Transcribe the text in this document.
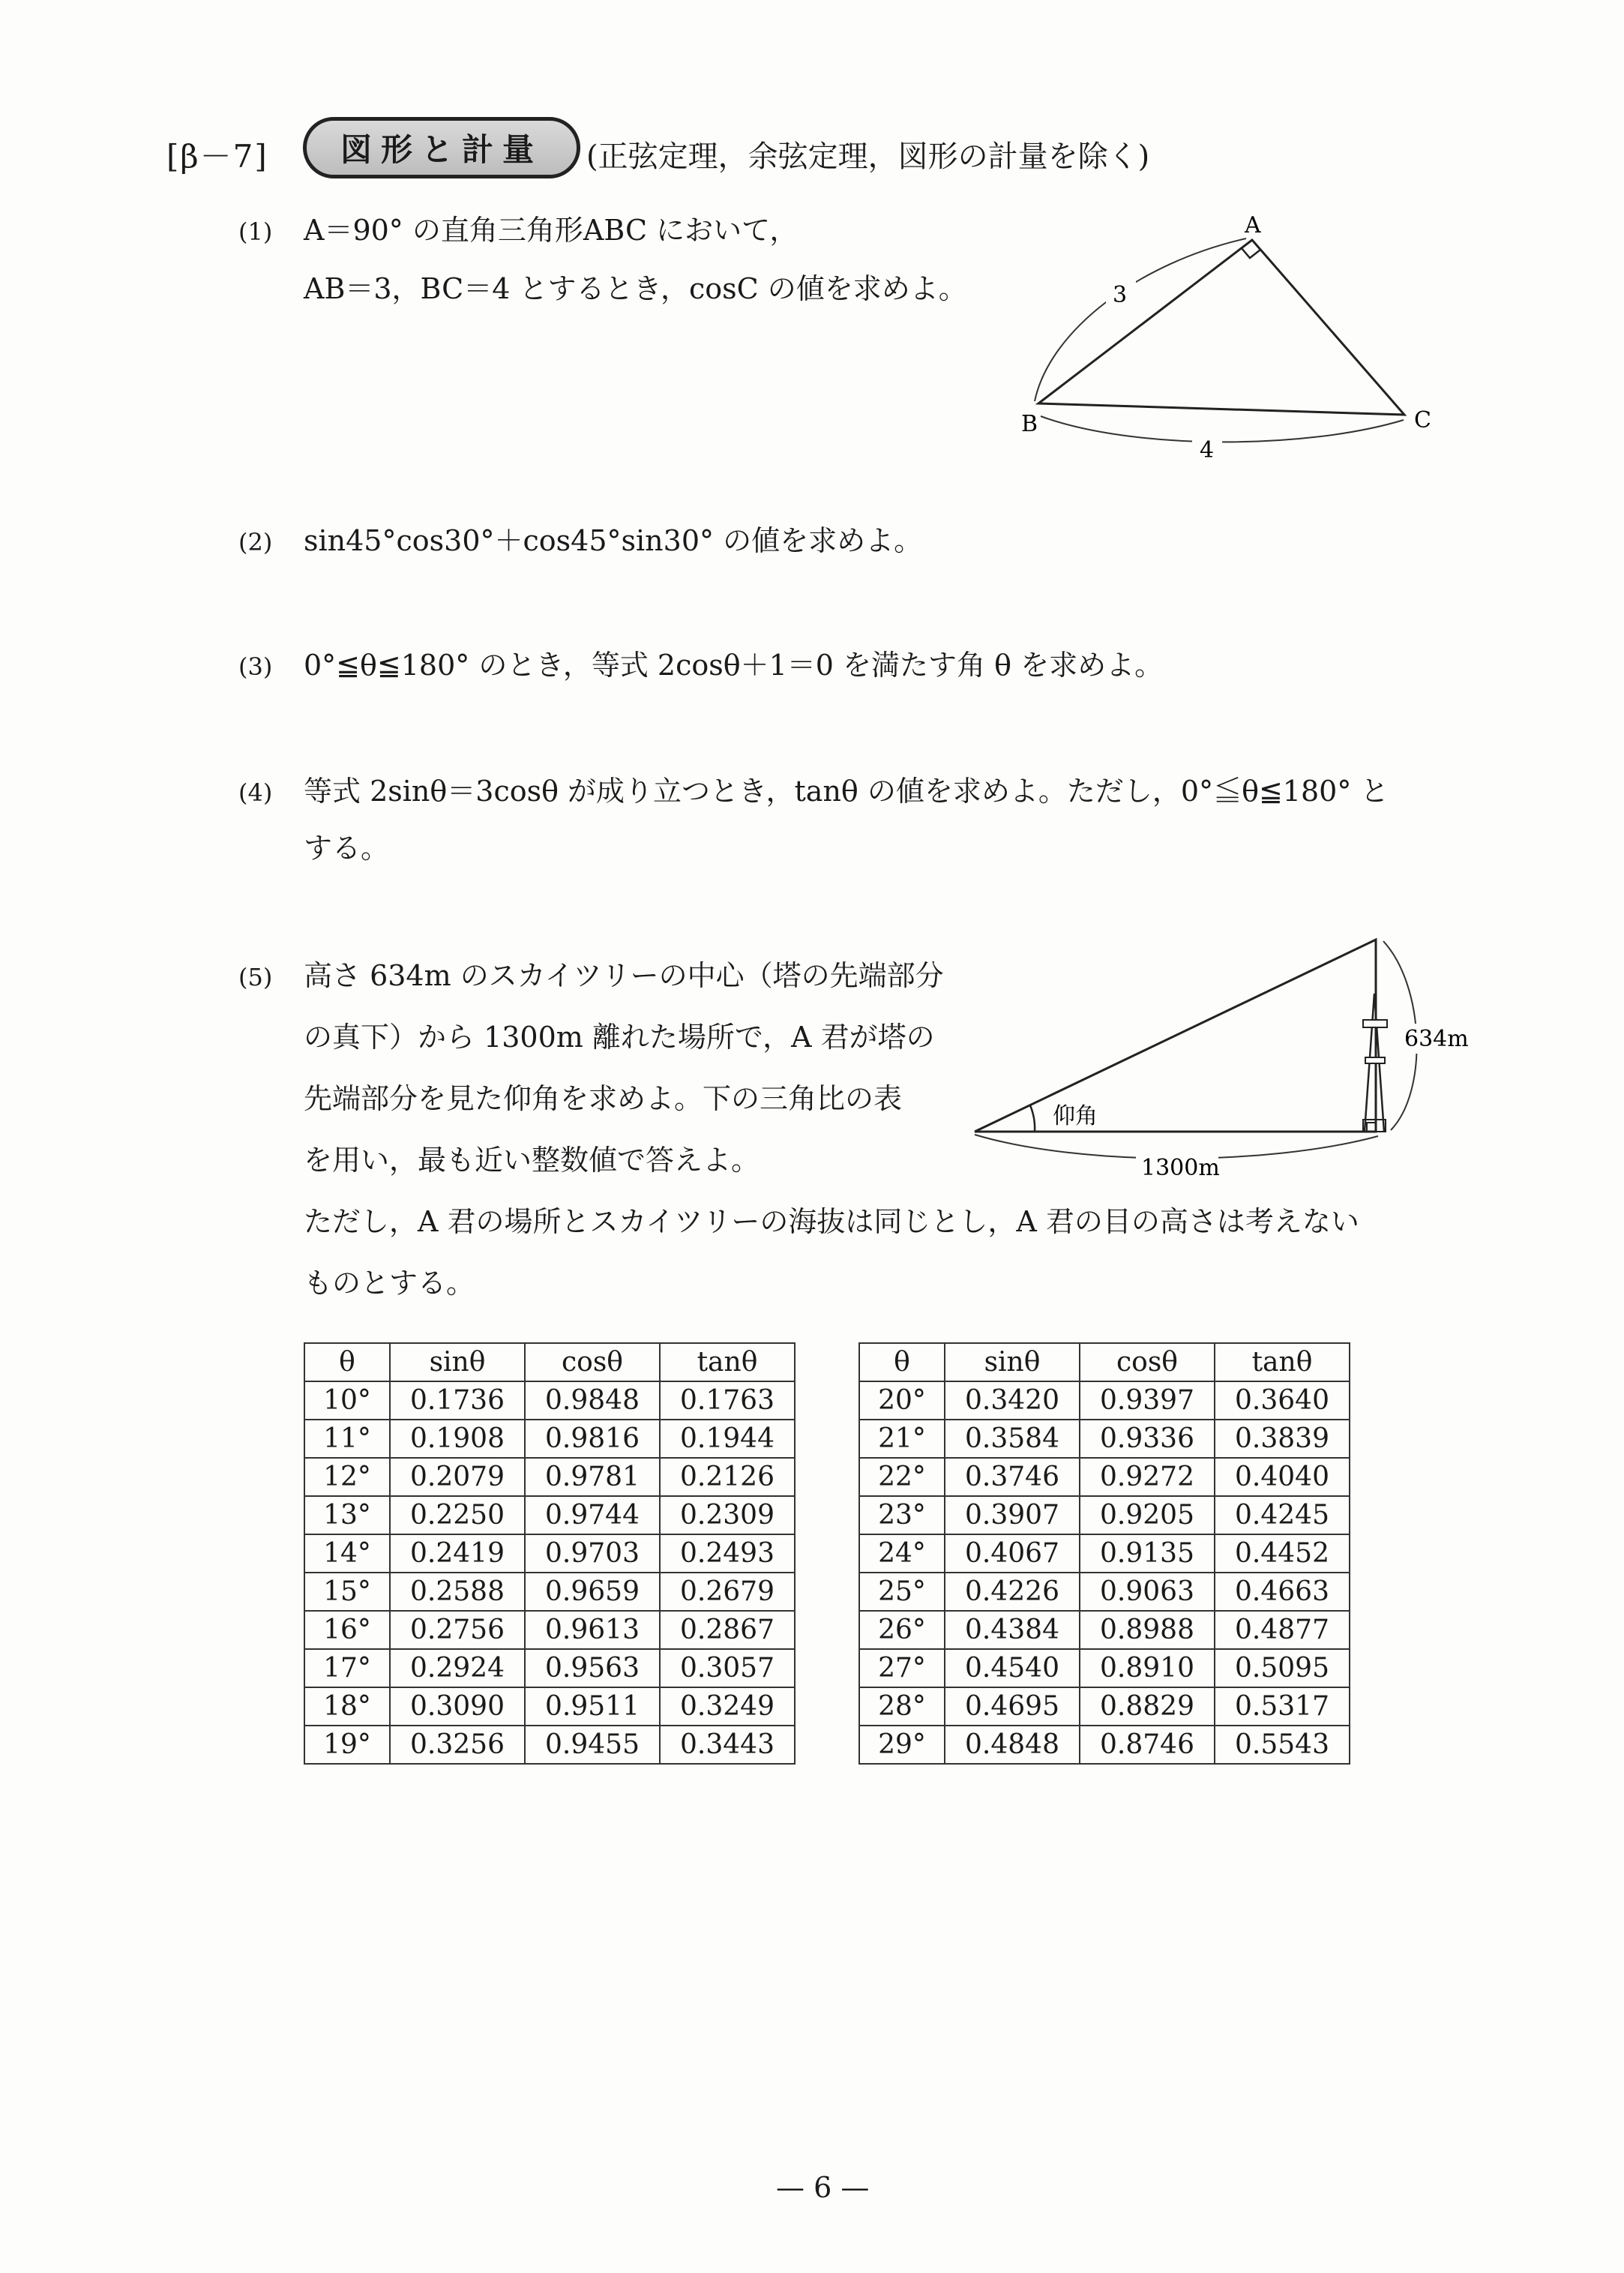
[β－7]	図形と計量	(正弦定理，余弦定理，図形の計量を除く)
(1) A＝90° の直角三角形ABC において，
AB＝3，BC＝4 とするとき，cosC の値を求めよ。
A
B	C
3
4
(2) sin45°cos30°＋cos45°sin30° の値を求めよ。
(3) 0°≦θ≦180° のとき，等式 2cosθ＋1＝0 を満たす角 θ を求めよ。
(4) 等式 2sinθ＝3cosθ が成り立つとき，tanθ の値を求めよ。ただし，0°≦θ≦180° と
する。
(5) 高さ 634m のスカイツリーの中心（塔の先端部分
の真下）から 1300m 離れた場所で，A 君が塔の
先端部分を見た仰角を求めよ。下の三角比の表
を用い，最も近い整数値で答えよ。
ただし，A 君の場所とスカイツリーの海抜は同じとし，A 君の目の高さは考えない
ものとする。
634m
1300m
仰角
θ	sinθ	cosθ	tanθ
10°	0.1736	0.9848	0.1763
11°	0.1908	0.9816	0.1944
12°	0.2079	0.9781	0.2126
13°	0.2250	0.9744	0.2309
14°	0.2419	0.9703	0.2493
15°	0.2588	0.9659	0.2679
16°	0.2756	0.9613	0.2867
17°	0.2924	0.9563	0.3057
18°	0.3090	0.9511	0.3249
19°	0.3256	0.9455	0.3443
θ	sinθ	cosθ	tanθ
20°	0.3420	0.9397	0.3640
21°	0.3584	0.9336	0.3839
22°	0.3746	0.9272	0.4040
23°	0.3907	0.9205	0.4245
24°	0.4067	0.9135	0.4452
25°	0.4226	0.9063	0.4663
26°	0.4384	0.8988	0.4877
27°	0.4540	0.8910	0.5095
28°	0.4695	0.8829	0.5317
29°	0.4848	0.8746	0.5543
— 6 —
